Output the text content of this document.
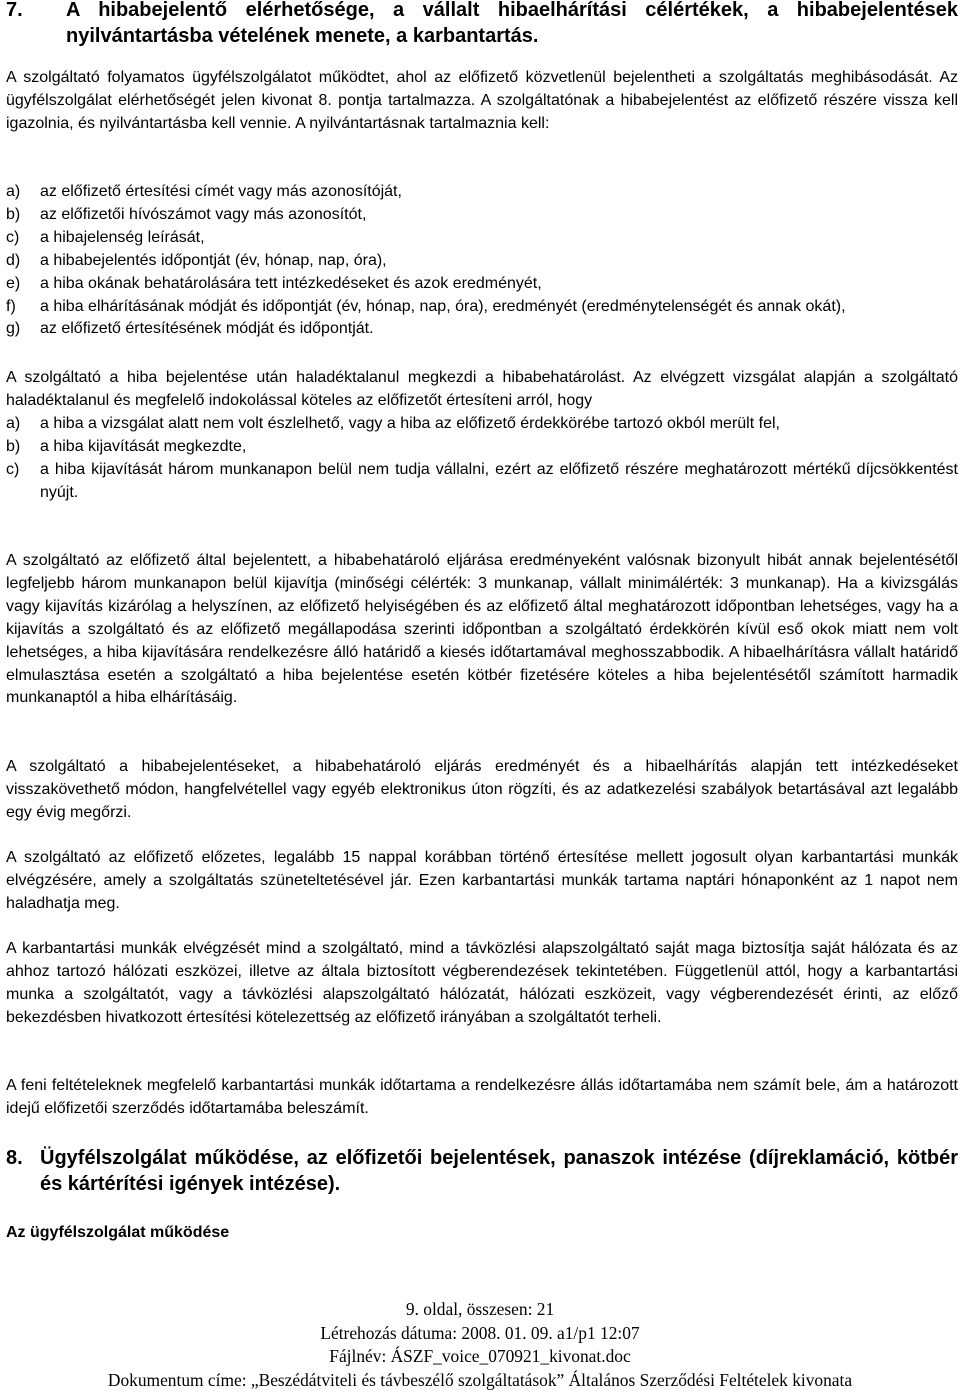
7.	A hibabejelentő elérhetősége, a vállalt hibaelhárítási célértékek, a hibabejelentések nyilvántartásba vételének menete, a karbantartás.
A szolgáltató folyamatos ügyfélszolgálatot működtet, ahol az előfizető közvetlenül bejelentheti a szolgáltatás meghibásodását. Az ügyfélszolgálat elérhetőségét jelen kivonat 8. pontja tartalmazza. A szolgáltatónak a hibabejelentést az előfizető részére vissza kell igazolnia, és nyilvántartásba kell vennie. A nyilvántartásnak tartalmaznia kell:
a)	az előfizető értesítési címét vagy más azonosítóját,
b)	az előfizetői hívószámot vagy más azonosítót,
c)	a hibajelenség leírását,
d)	a hibabejelentés időpontját (év, hónap, nap, óra),
e)	a hiba okának behatárolására tett intézkedéseket és azok eredményét,
f)	a hiba elhárításának módját és időpontját (év, hónap, nap, óra), eredményét (eredménytelenségét és annak okát),
g)	az előfizető értesítésének módját és időpontját.
A szolgáltató a hiba bejelentése után haladéktalanul megkezdi a hibabehatárolást. Az elvégzett vizsgálat alapján a szolgáltató haladéktalanul és megfelelő indokolással köteles az előfizetőt értesíteni arról, hogy
a)	a hiba a vizsgálat alatt nem volt észlelhető, vagy a hiba az előfizető érdekkörébe tartozó okból merült fel,
b)	a hiba kijavítását megkezdte,
c)	a hiba kijavítását három munkanapon belül nem tudja vállalni, ezért az előfizető részére meghatározott mértékű díjcsökkentést nyújt.
A szolgáltató az előfizető által bejelentett, a hibabehatároló eljárása eredményeként valósnak bizonyult hibát annak bejelentésétől legfeljebb három munkanapon belül kijavítja (minőségi célérték: 3 munkanap, vállalt minimálérték: 3 munkanap). Ha a kivizsgálás vagy kijavítás kizárólag a helyszínen, az előfizető helyiségében és az előfizető által meghatározott időpontban lehetséges, vagy ha a kijavítás a szolgáltató és az előfizető megállapodása szerinti időpontban a szolgáltató érdekkörén kívül eső okok miatt nem volt lehetséges, a hiba kijavítására rendelkezésre álló határidő a kiesés időtartamával meghosszabbodik. A hibaelhárításra vállalt határidő elmulasztása esetén a szolgáltató a hiba bejelentése esetén kötbér fizetésére köteles a hiba bejelentésétől számított harmadik munkanaptól a hiba elhárításáig.
A szolgáltató a hibabejelentéseket, a hibabehatároló eljárás eredményét és a hibaelhárítás alapján tett intézkedéseket visszakövethető módon, hangfelvétellel vagy egyéb elektronikus úton rögzíti, és az adatkezelési szabályok betartásával azt legalább egy évig megőrzi.
A szolgáltató az előfizető előzetes, legalább 15 nappal korábban történő értesítése mellett jogosult olyan karbantartási munkák elvégzésére, amely a szolgáltatás szüneteltetésével jár. Ezen karbantartási munkák tartama naptári hónaponként az 1 napot nem haladhatja meg.
A karbantartási munkák elvégzését mind a szolgáltató, mind a távközlési alapszolgáltató saját maga biztosítja saját hálózata és az ahhoz tartozó hálózati eszközei, illetve az általa biztosított végberendezések tekintetében. Függetlenül attól, hogy a karbantartási munka a szolgáltatót, vagy a távközlési alapszolgáltató hálózatát, hálózati eszközeit, vagy végberendezését érinti, az előző bekezdésben hivatkozott értesítési kötelezettség az előfizető irányában a szolgáltatót terheli.
A feni feltételeknek megfelelő karbantartási munkák időtartama a rendelkezésre állás időtartamába nem számít bele, ám a határozott idejű előfizetői szerződés időtartamába beleszámít.
8. Ügyfélszolgálat működése, az előfizetői bejelentések, panaszok intézése (díjreklamáció, kötbér és kártérítési igények intézése).
Az ügyfélszolgálat működése
9. oldal, összesen: 21
Létrehozás dátuma: 2008. 01. 09. a1/p1 12:07
Fájlnév: ÁSZF_voice_070921_kivonat.doc
Dokumentum címe: „Beszédátviteli és távbeszélő szolgáltatások” Általános Szerződési Feltételek kivonata
